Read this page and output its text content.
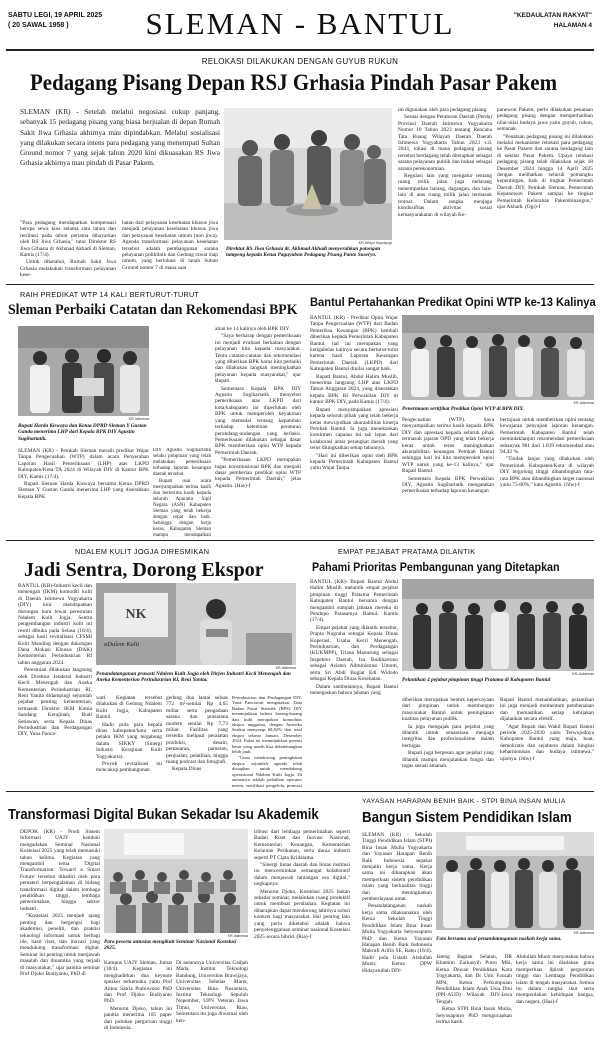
SABTU LEGI, 19 APRIL 2025
( 20 SAWAL 1958 )	SLEMAN - BANTUL	"KEDAULATAN RAKYAT"
HALAMAN 4
RELOKASI DILAKUKAN DENGAN GUYUB RUKUN
Pedagang Pisang Depan RSJ Grhasia Pindah Pasar Pakem

SLEMAN (KR) - Setelah melalui negosiasi cukup panjang, sebanyak 15 pedagang pisang yang biasa berjualan di depan Rumah Sakit Jiwa Grhasia akhirnya mau dipindahkan. Melalui sosialisasi yang dilakukan secara intens para pedagang yang menempati Sultan Ground nomor 7 yang sejak tahun 2020 kini dikuasakan RS Jiwa Grhasia akhirnya mau pindah di Pasar Pakem.

"Para pedagang mendapatkan kompensasi berupa sewa kios selama satu tahun dan retribusi pada tahun pertama dibayarkan oleh RS Jiwa Grhasia," tutur Direktur RS Jiwa Grhasia dr Akhmad Akhadi di Sleman, Kamis (17/4).

Untuk diketahui, Rumah Sakit Jiwa Grhasia melakukan transformasi pelayanan kese-

hatan dari pelayanan kesehatan khusus jiwa menjadi pelayanan kesehatan khusus jiwa dan pelayanan kesehatan umum (non jiwa). Agenda transformasi pelayanan kesehatan tersebut adalah pembangunan sarana pelayanan poliklinik dan Gedung rawat inap umum, yang berlokasi di tanah Sultan Ground nomor 7 di mana saat

KR-Widyo Suprayogi
Direktur RS Jiwa Grhasia dr. Akhmad Akhadi menyerahkan potongan tumpeng kepada Ketua Paguyuban Pedagang Pisang Panto Suseryo.

ini digunakan oleh para pedagang pisang.

Sesuai dengan Peraturan Daerah (Perda) Provinsi Daerah Istimewa Yogyakarta Nomor 10 Tahun 2023 tentang Rencana Tata Ruang Wilayah Daerah Daerah Istimewa Yogyakarta Tahun 2023 s.d. 2043, lokasi di mana pedagang pisang tersebut berdagang telah ditetapkan sebagai sarana pelayanan publik dan bukan sebagai sarana perekonomian.

Regulasi lain yang mengatur tentang ruang milik jalan juga melarang menempatkan barang, dagangan, dan lain-lain di atas ruang milik jalan termasuk trotoar. Dalam rangka menjaga kondusifitas aktivitas sosial kemasyarakatan di wilayah Ke-

panewon Pakem, perlu dilakukan penataan pedagang pisang dengan memperhatikan nilai-nilai budaya jawa yaitu guyub, rukun, semanak.

"Penataan pedagang pisang ini dilakukan melalui mekanisme relokasi para pedagang ke Pasar Pakem dan sarana berdagang lain di sekitar Pasar Pakem. Upaya relokasi pedagang pisang telah dilakukan sejak 18 Desember 2024 hingga 14 April 2025 dengan melibatkan seluruh pemangku kepentingan, baik di tingkat Pemerintah Daerah DIY, Pemkab Sleman, Pemerintah Kepanewon Pakem sampai ke tingkat Pemerintah Kelurahan Pakembinangun," ujar Akhadi. (Ogi)-f

RAIH PREDIKAT WTP 14 KALI BERTURUT-TURUT
Sleman Perbaiki Catatan dan Rekomendasi BPK
KR-Istimewa
Bupati Harda Kiswaya dan Ketua DPRD Sleman Y Gustan Ganda menerima LHP dari Kepala BPK DIY Agustin Sugihartatik.

SLEMAN (KR) - Pemkab Sleman meraih predikat Wajar Tanpa Pengecualian (WTP) dalam acara Penyerahan Laporan Hasil Pemeriksaan (LHP) atas LKPD Kabupaten/Kota TA 2024 di Wilayah DIY di Kantor BPK DIY, Kamis (17/4).

Bupati Sleman Harda Kiswaya bersama Ketua DPRD Sleman Y Gustan Ganda menerima LHP yang diserahkan Kepala BPK

alian ke 14 kalinya oleh BPK DIY.

"Saya berharap dengan pemeriksaan ini menjadi evaluasi berkaitan dengan pelayanan kita kepada masyarakat. Tentu catatan-catatan dan rekomendasi yang diberikan BPK harus kita perbaiki dan dilakukan langkah meningkatkan pelayanan kepada masyarakat," ujar Bupati.

Sementara Kepala BPK DIY Agustin Sugihartatik menyebut pemeriksaan atas LKPD dari kota/kabupaten ini diperlukan oleh BPK untuk memperoleh keyakinan yang memadai tentang kepatuhan terhadap ketentuan peraturan perundang-undangan yang berlaku. Pemeriksaan dilakukan sebagai dasar BPK memberikan opini WTP kepada Pemerintah Daerah.

"Pemeriksaan LKPD merupakan tugas konstitusional BPK dan menjadi dasar pemberian predikat opini WTP kepada Pemerintah Daerah," jelas Agustin. (Has)-f

DIY Agustin Sugihartatik selaku pimpinan yang telah melakukan pemeriksaan terhadap laporan keuangan daerah tersebut.

Bupati usai acara menyampaikan terima kasih dan berterima kasih kepada seluruh Aparatur Sipil Negara (ASN) Kabupaten Sleman yang telah bekerja dengan cepat dan baik. Sehingga dengan kerja keras, Kabupaten Sleman mampu mendapatkan

Bantul Pertahankan Predikat Opini WTP ke-13 Kalinya

BANTUL (KR) - Predikat Opini Wajar Tanpa Pengecualian (WTP) dari Badan Pemeriksa Keuangan (BPK) kembali diberikan kepada Pemerintah Kabupaten Bantul, hal ini merupakan yang ketigabelas kalinya secara berturut-turut karena hasil Laporan Keuangan Pemerintah Daerah (LKPD) dari Kabupaten Bantul dinilai sangat baik.

Bupati Bantul, Abdul Halim Muslih, menerima langsung LHP atas LKPD Tahun Anggaran 2024, yang diserahkan kepala BPK RI Perwakilan DIY di kantor BPK DIY, pada Kamis (17/4).

Bupati menyampaikan apresiasi kepada seluruh pihak yang telah bekerja keras mewujudkan akuntabilitas kinerja Pemkab Bantul. Ia juga menekankan komitmen capaian ini tak lepas dari kolaborasi antar perangkat daerah yang terus ditingkatkan setiap tahunnya.

"Hari ini diberikan opini oleh BPK kepada Pemerintah Kabupaten Bantul yaitu Wajar Tanpa

KR-Istimewa
Penerimaan sertifikat Predikat Opini WTP di BPK DIY.

Pengecualian (WTP). Saya menyampaikan terima kasih kepada BPK DIY dan apresiasi kepada seluruh pihak termasuk jajaran OPD yang telah bekerja keras untuk terus meningkatkan akuntabilitas keuangan Pemkab Bantul sehingga hari ini kita memperoleh opini WTP untuk yang ke-13 kalinya," ujar Bupati Bantul.

Sementara Kepala BPK Perwakilan DIY, Agustin Sugihartatik mengatakan pemeriksaan terhadap laporan keuangan

bertujuan untuk memberikan opini tentang kewajaran penyajian laporan keuangan. Pemerintah Kabupaten Bantul telah menindaklanjuti rekomendasi pemeriksaan sebanyak 981 dari 1.039 rekomendasi atau 94,42 %.

"Tindak lanjut yang dilakukan oleh Pemerintah Kabupaten/Kota di wilayah DIY tergolong tinggi dibandingkan rata-rata BPK atau dibandingkan target nasional yaitu 75-80%," kata Agustin. (Jdw)-f

NDALEM KULIT JOGJA DIRESMIKAN
Jadi Sentra, Dorong Ekspor

BANTUL (KR)-Industri kecil dan menengah (IKM) komoditi kulit di Daerah Istimewa Yogyakarta (DIY) kini mendapatkan dorongan baru lewat peresmian Ndalem Kulit Jogja. Sentra pengembangan industri kulit ini resmi dibuka pada Selasa (16/4), sebagai hasil revitalisasi CFSMI Kulit Manding dengan dukungan Dana Alokasi Khusus (DAK) Kementerian Perindustrian RI tahun anggaran 2024.

Peresmian dilakukan langsung oleh Direktur Jenderal Industri Kecil Menengah dan Aneka Kementerian Perindustrian RI, Reni Yanita didampingi sejumlah pejabat penting kementerian, termasuk Direktur IKM Kimia Sandang Kerajinan, Budi Setiawan, serta Kepala Dinas Perindustrian dan Perdagangan DIY, Yuna Panca-

NK
aDalem Kulit
KR-Istimewa
Penandatanganan prasasti Ndalem Kulit Jogja oleh Dirjen Industri Kecil Menengah dan Aneka Kementerian Perindustrian RI, Reni Yanita.

wati. Kegiatan tersebut dilakukan di Gedung Ndalem Kulit Jogja, Kabupaten Bantul.

Hadir pula para kepala dinas kabupaten/kota serta pelaku IKM yang tergabung dalam SIKKY (Sinergi Industri Kerajinan Kulit Yogyakarta).

Proyek revitalisasi ini mencakup pembangunan

gedung dua lantai seluas 772 m²-senilai Rp 4,65 miliar serta pengadaan sarana dan prasarana modern senilai Rp 7,73 miliar. Fasilitas yang tersedia meliputi peralatan produksi, desain, pemasaran, pameran, penjualan, pelatihan, hingga ruang podcast dan fotografi.

Kepala Dinas

Perindustrian dan Perdagangan DIY, Yuna Pancawati mengatakan, Data Badan Pusat Statistik (BPS) DIY menunjukkan bahwa barang-barang dari kulit merupakan komoditas ekspor unggulan, dengan Amerika Serikat menyerap 68,82% dari total ekspor selama Januari, Desember 2024. Fakta ini menunjukkan potensi besar yang masih bisa dikembangkan lebih jauh.

"Guna mendorong peningkatan ekspor, sejumlah agenda telah disiapkan untuk mendukung operasional Ndalem Kulit Jogja. Di antaranya adalah pelatihan operator mesin, sertifikasi pengelola, promosi

EMPAT PEJABAT PRATAMA DILANTIK
Pahami Prioritas Pembangunan yang Ditetapkan

BANTUL (KR)- Bupati Bantul Abdul Halim Muslih melantik empat pejabat pimpinan tinggi Pratama Pemerintah Kabupaten Bantul bersama dengan mengambil sumpah jabatan mereka di Pendopo Parasamya Bantul, Kamis (17/4).

Empat pejabat yang dilantik tersebut, Prapta Nugraha sebagai Kepala Dinas Koperasi, Usaha Kecil Menengah, Perindustrian, dan Perdagangan (KUKMPP), Triana Manurung sebagai Inspektur Daerah, Isa Budihartono sebagai Asisten Administrasi Umum, serta Sri Abdi Bugiat Edi Widodo sebagai Kepala Dinas Kesehatan.

Dalam sambutannya, Bupati Bantul menegaskan bahwa jabatan yang

KR-Judarwan
Pelantikan 4 pejabat pimpinan tinggi Pratama di Kabupaten Bantul

diberikan merupakan bentuk kepercayaan dari pimpinan untuk membangun masyarakat Bantul untuk peningkatan kualitas pelayanan publik.

Ia juga mengajak para pejabat yang dilantik untuk senantiasa menjaga integritas dan profesionalisme dalam bertugas.

Bupati juga berpesan agar pejabat yang dilantik mampu menjalankan fungsi dan tugas sesuai amanah.

Bupati Bantul menambahkan, pelantikan ini juga menjadi momentum pembenahan dan memastikan setiap kebijakan dijalankan secara efektif.

"Agar Bupati dan Wakil Bupati Bantul periode 2025-2030 yaitu Terwujudnya Kabupaten Bantul yang maju, kuat, demokratis dan sejahtera dalam bingkai keharmonisan dan budaya istimewa," ujarnya. (Jdw)-f

Transformasi Digital Bukan Sekadar Isu Akademik

DEPOK (KR) - Prodi Sistem Informasi UAJY kembali mengadakan Seminar Nasional Kostelasi 2025 yang telah memasuki tahun kelima. Kegiatan yang mengambil tema 'Digital Transformation: Toward a Smart Future' tersebut dihadiri oleh para pemateri berpengalaman di bidang transformasi digital dalam lembaga pendidikan tinggi, lembaga pemerintahan, hingga sektor industri.

"Kostelasi 2025 menjadi ajang penting dan bergengsi bagi akademisi, peneliti, dan praktisi teknologi informasi untuk berbagi ide, hasil riset, dan inovasi yang mendukung transformasi digital. Seminar ini penting untuk menjawab masalah dan dinamika yang terjadi di masyarakat," ujar panitia seminar Prof Djoko Budiyanto, PhD di

KR-Istimewa
Para peserta antusias mengikuti Seminar Nasional Kostelasi 2025.

Kampus UAJY Sleman, Jumat (18/4). Kegiatan ini menghadirkan dua keynote speaker terkemuka yaitu Prof Anton Satria Prabuwono PhD dan Prof Djoko Budiyanto PhD.

Menurut Djoko, tahun ini panitia menerima 105 paper dari puluhan perguruan tinggi di Indonesia.

Di antaranya Universitas Gadjah Mada, Institut Teknologi Bandung, Universitas Brawijaya, Universitas Sebelas Maret, Universitas Bina Nusantara, Institut Teknologi Sepuluh Nopember, UPN Veteran Jawa Timur, Universitas Riau, Sementara itu juga diwarnai oleh ken-

tribusi dari lembaga pemerintahan seperti Badan Riset dan Inovasi Nasional, Kementerian Keuangan, Kementerian Kelautan Perikanan, serta dunia industri seperti PT Cipta Kridatama.

"Sinergi lintas daerah dan lintas institusi ini mencerminkan semangat kolaboratif dalam menjawab tantangan era digital," ungkapnya.

Menurut Djoko, Kostelasi 2025 bukan sekadar seminar, melainkan ruang produktif untuk membuat perubahan. Kegiatan ini diharapkan dapat mendorong lahirnya solusi konkret bagi masyarakat. Hal penting lain yang perlu diketahui adalah bahwa penyelenggaraan seminar nasional Kostelasi 2025 secara hibrid. (Ria)-f

YAYASAN HARAPAN BENIH BAIK - STPI BINA INSAN MULIA
Bangun Sistem Pendidikan Islam

SLEMAN (KR) - Sekolah Tinggi Pendidikan Islam (STPI) Bina Insan Mulia Yogyakarta dan Yayasan Harapan Benih Baik Indonesia sepakat menjalin kerja sama. Kerja sama ini diharapkan akan memperkuat sistem pendidikan Islam yang berkualitas tinggi dan meningkatkan pemberdayaan umat.

Penandatanganan naskah kerja sama dilaksanakan oleh Ketua Sekolah Tinggi Pendidikan Islam Bina Insan Mulia Yogyakarta Setyosaputro PhD dan Ketua Yayasan Harapan Benih Baik Indonesia Makrufi Arifin SE, Rabu (16/4). Hadir pula Ustadz Abdullah Munir, Ketua DPW Hidayatullah DIY-

KR-Istimewa
Foto bersama usai penandatanganan naskah kerja sama.

Jateng Bagian Selatan, DR Khamim Zarkasyih Putro MSi, Ketua Dewan Pendidikan Kota Yogyakarta, dan Dr Umi Faozah MPd, Ketua Perkumpulan Pendidikan Islam Anak Usia Dini (PPI-AUD) Wilayah DIY-Jawa Tengah.

Ketua STPI Bina Insan Mulia, Setyosaputro PhD mengucapkan terima kasih.

Abdullah Munir menyatakan bahwa kerja sama ini diadakan guna memperluas ilpirah pergururan tinggi dan Lembaga Pendidikan islam di tengah masyarakat. Semua itu dalam rangka ikut serta memperdakan kehidupan bangsa, dan negara. (Has)-f
